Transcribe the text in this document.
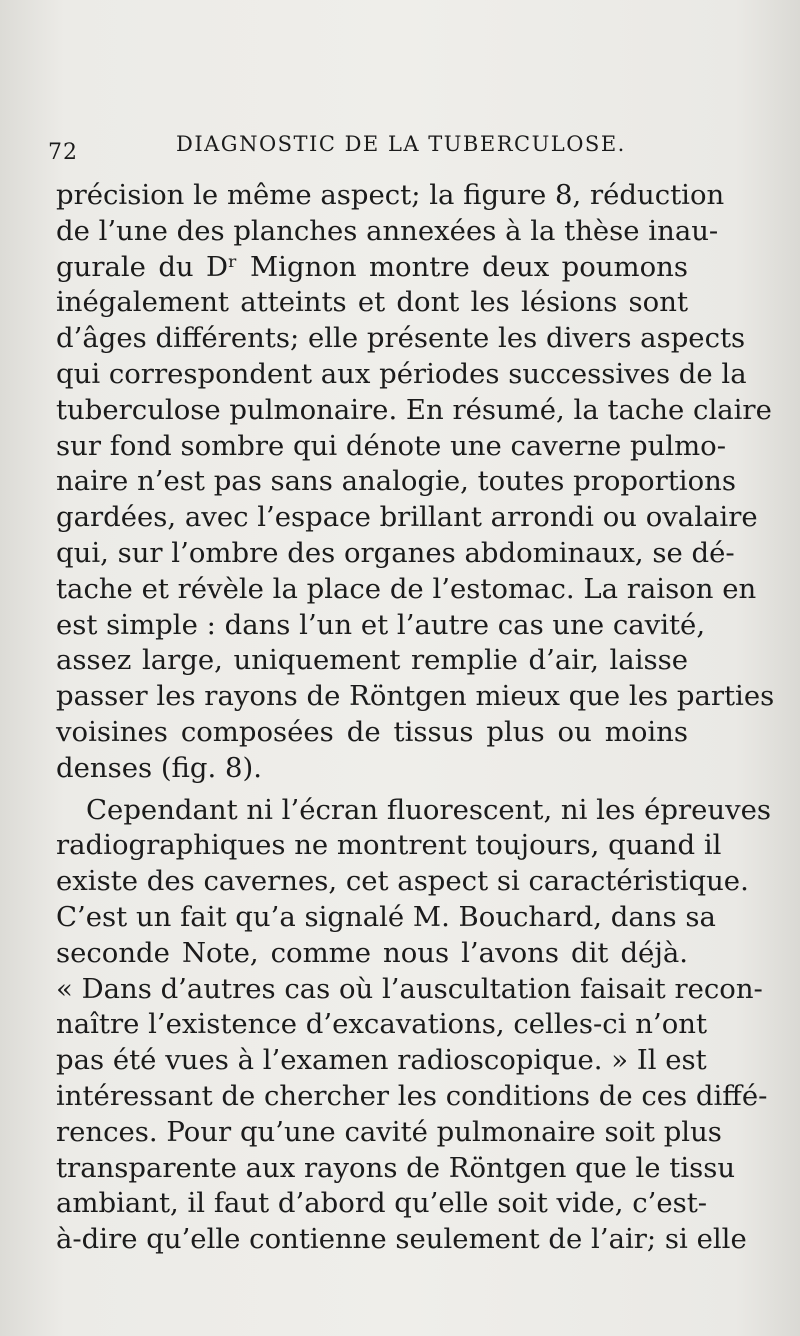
72	DIAGNOSTIC DE LA TUBERCULOSE.
précision le même aspect; la figure 8, réduction
de l’une des planches annexées à la thèse inau-
gurale du Dʳ Mignon montre deux poumons
inégalement atteints et dont les lésions sont
d’âges différents; elle présente les divers aspects
qui correspondent aux périodes successives de la
tuberculose pulmonaire. En résumé, la tache claire
sur fond sombre qui dénote une caverne pulmo-
naire n’est pas sans analogie, toutes proportions
gardées, avec l’espace brillant arrondi ou ovalaire
qui, sur l’ombre des organes abdominaux, se dé-
tache et révèle la place de l’estomac. La raison en
est simple : dans l’un et l’autre cas une cavité,
assez large, uniquement remplie d’air, laisse
passer les rayons de Röntgen mieux que les parties
voisines composées de tissus plus ou moins
denses (fig. 8).
Cependant ni l’écran fluorescent, ni les épreuves
radiographiques ne montrent toujours, quand il
existe des cavernes, cet aspect si caractéristique.
C’est un fait qu’a signalé M. Bouchard, dans sa
seconde Note, comme nous l’avons dit déjà.
« Dans d’autres cas où l’auscultation faisait recon-
naître l’existence d’excavations, celles-ci n’ont
pas été vues à l’examen radioscopique. » Il est
intéressant de chercher les conditions de ces diffé-
rences. Pour qu’une cavité pulmonaire soit plus
transparente aux rayons de Röntgen que le tissu
ambiant, il faut d’abord qu’elle soit vide, c’est-
à-dire qu’elle contienne seulement de l’air; si elle
